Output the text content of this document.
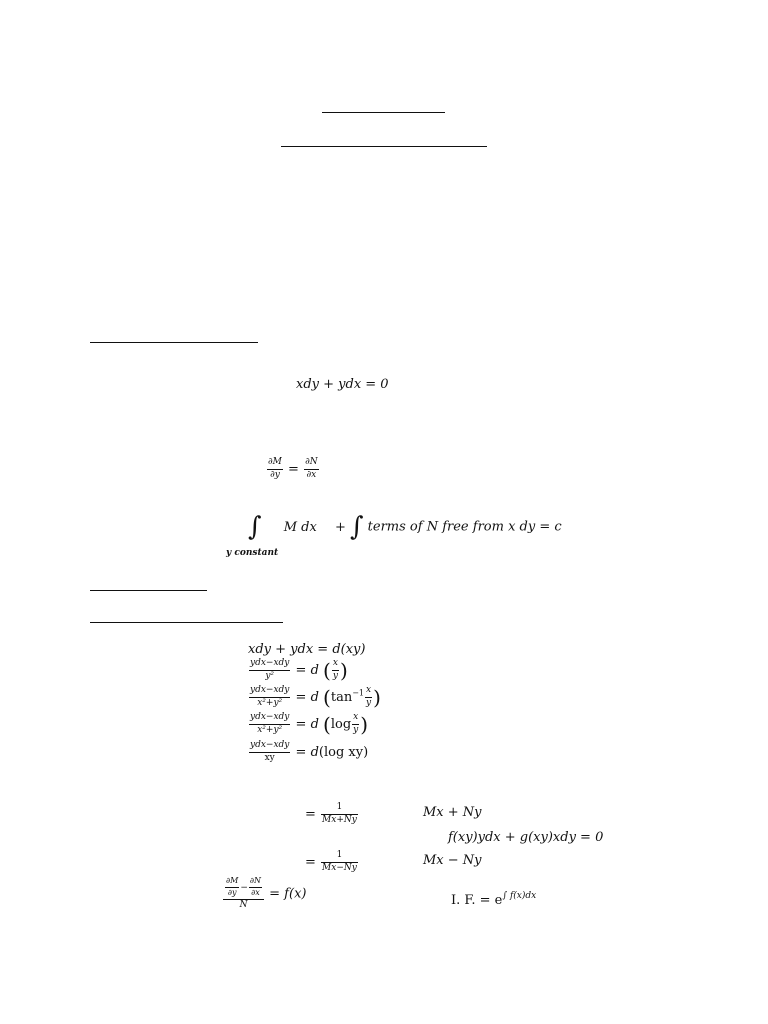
xdy + ydx = 0
$\frac{\partial M}{\partial y} = \frac{\partial N}{\partial x}$
∫ M dx + ∫ terms of N free from x dy = c
y constant
xdy + ydx = d(xy)
$\frac{\text{ydx−xdy}}{\text{y²}} = d$ ( $\frac{x}{y}$ )
$\frac{\text{ydx−xdy}}{\text{x²+y²}} = d$ ($\tan^{-1} \frac{x}{y}$ )
$\frac{\text{ydx−xdy}}{\text{x²+y²}} = d$ ($\log \frac{x}{y}$ )
$\frac{\text{ydx−xdy}}{xy} = d(\log$ xy)
= $\frac{1}{Mx+Ny}$	Mx + Ny
f(xy)ydx + g(xy)xdy = 0
= $\frac{1}{Mx-Ny}$	Mx − Ny
$\frac{\frac{\partial M}{\partial y} - \frac{\partial N}{\partial x}}{N} = f(x)$	I. F. = $e^{\int f(x)dx}$
